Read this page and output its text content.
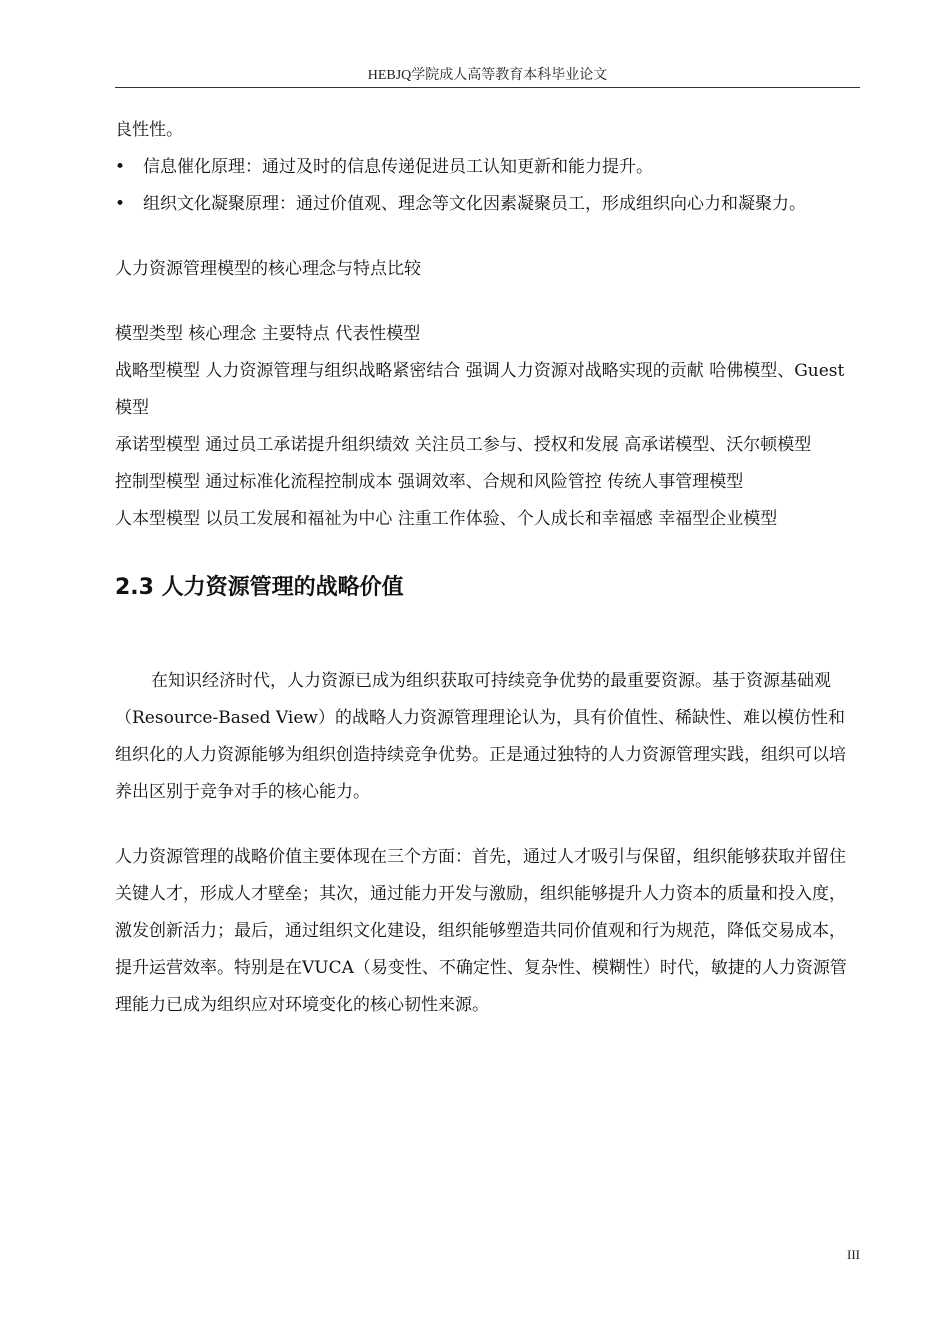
HEBJQ学院成人高等教育本科毕业论文

良性性。

•	信息催化原理：通过及时的信息传递促进员工认知更新和能力提升。
•	组织文化凝聚原理：通过价值观、理念等文化因素凝聚员工，形成组织向心力和凝聚力。

人力资源管理模型的核心理念与特点比较

模型类型 核心理念 主要特点 代表性模型

战略型模型 人力资源管理与组织战略紧密结合 强调人力资源对战略实现的贡献 哈佛模型、Guest 模型

承诺型模型 通过员工承诺提升组织绩效 关注员工参与、授权和发展 高承诺模型、沃尔顿模型

控制型模型 通过标准化流程控制成本 强调效率、合规和风险管控 传统人事管理模型

人本型模型 以员工发展和福祉为中心 注重工作体验、个人成长和幸福感 幸福型企业模型

2.3 人力资源管理的战略价值

在知识经济时代，人力资源已成为组织获取可持续竞争优势的最重要资源。基于资源基础观（Resource-Based View）的战略人力资源管理理论认为，具有价值性、稀缺性、难以模仿性和组织化的人力资源能够为组织创造持续竞争优势。正是通过独特的人力资源管理实践，组织可以培养出区别于竞争对手的核心能力。

人力资源管理的战略价值主要体现在三个方面：首先，通过人才吸引与保留，组织能够获取并留住关键人才，形成人才壁垒；其次，通过能力开发与激励，组织能够提升人力资本的质量和投入度，激发创新活力；最后，通过组织文化建设，组织能够塑造共同价值观和行为规范，降低交易成本，提升运营效率。特别是在VUCA（易变性、不确定性、复杂性、模糊性）时代，敏捷的人力资源管理能力已成为组织应对环境变化的核心韧性来源。

III
